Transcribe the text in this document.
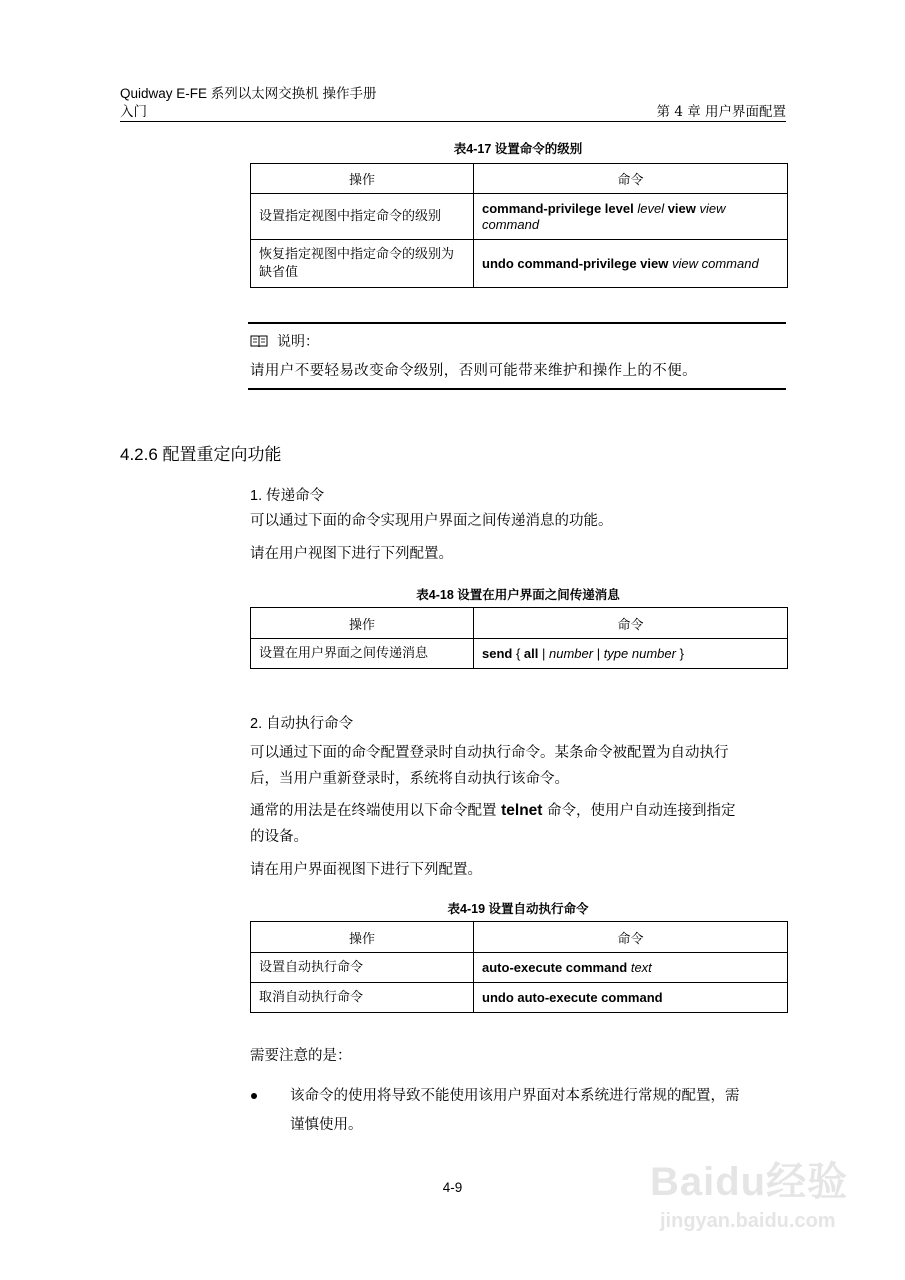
Quidway E-FE 系列以太网交换机 操作手册
入门	第 4 章 用户界面配置
表4-17 设置命令的级别
操作	命令
设置指定视图中指定命令的级别	command-privilege level level view view command
恢复指定视图中指定命令的级别为缺省值	undo command-privilege view view command
说明：
请用户不要轻易改变命令级别，否则可能带来维护和操作上的不便。
4.2.6 配置重定向功能
1. 传递命令
可以通过下面的命令实现用户界面之间传递消息的功能。
请在用户视图下进行下列配置。
表4-18 设置在用户界面之间传递消息
操作	命令
设置在用户界面之间传递消息	send { all | number | type number }
2. 自动执行命令
可以通过下面的命令配置登录时自动执行命令。某条命令被配置为自动执行
后，当用户重新登录时，系统将自动执行该命令。
通常的用法是在终端使用以下命令配置 telnet 命令，使用户自动连接到指定
的设备。
请在用户界面视图下进行下列配置。
表4-19 设置自动执行命令
操作	命令
设置自动执行命令	auto-execute command text
取消自动执行命令	undo auto-execute command
需要注意的是：
该命令的使用将导致不能使用该用户界面对本系统进行常规的配置，需
谨慎使用。
4-9	Baidu经验
jingyan.baidu.com
